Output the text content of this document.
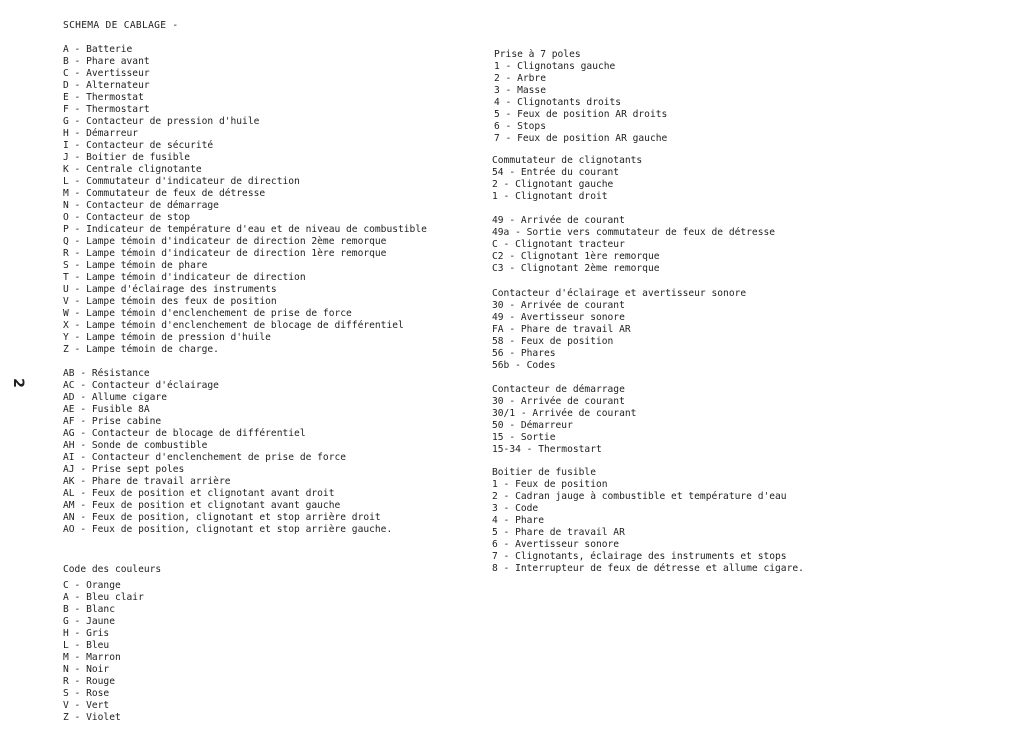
SCHEMA DE CABLAGE -
2
A - Batterie
B - Phare avant
C - Avertisseur
D - Alternateur
E - Thermostat
F - Thermostart
G - Contacteur de pression d'huile
H - Démarreur
I - Contacteur de sécurité
J - Boitier de fusible
K - Centrale clignotante
L - Commutateur d'indicateur de direction
M - Commutateur de feux de détresse
N - Contacteur de démarrage
O - Contacteur de stop
P - Indicateur de température d'eau et de niveau de combustible
Q - Lampe témoin d'indicateur de direction 2ème remorque
R - Lampe témoin d'indicateur de direction 1ère remorque
S - Lampe témoin de phare
T - Lampe témoin d'indicateur de direction
U - Lampe d'éclairage des instruments
V - Lampe témoin des feux de position
W - Lampe témoin d'enclenchement de prise de force
X - Lampe témoin d'enclenchement de blocage de différentiel
Y - Lampe témoin de pression d'huile
Z - Lampe témoin de charge.
AB - Résistance
AC - Contacteur d'éclairage
AD - Allume cigare
AE - Fusible 8A
AF - Prise cabine
AG - Contacteur de blocage de différentiel
AH - Sonde de combustible
AI - Contacteur d'enclenchement de prise de force
AJ - Prise sept poles
AK - Phare de travail arrière
AL - Feux de position et clignotant avant droit
AM - Feux de position et clignotant avant gauche
AN - Feux de position, clignotant et stop arrière droit
AO - Feux de position, clignotant et stop arrière gauche.
Code des couleurs
C - Orange
A - Bleu clair
B - Blanc
G - Jaune
H - Gris
L - Bleu
M - Marron
N - Noir
R - Rouge
S - Rose
V - Vert
Z - Violet
Prise à 7 poles
1 - Clignotans gauche
2 - Arbre
3 - Masse
4 - Clignotants droits
5 - Feux de position AR droits
6 - Stops
7 - Feux de position AR gauche
Commutateur de clignotants
54 - Entrée du courant
2 - Clignotant gauche
1 - Clignotant droit
49 - Arrivée de courant
49a - Sortie vers commutateur de feux de détresse
C - Clignotant tracteur
C2 - Clignotant 1ère remorque
C3 - Clignotant 2ème remorque
Contacteur d'éclairage et avertisseur sonore
30 - Arrivée de courant
49 - Avertisseur sonore
FA - Phare de travail AR
58 - Feux de position
56 - Phares
56b - Codes
Contacteur de démarrage
30 - Arrivée de courant
30/1 - Arrivée de courant
50 - Démarreur
15 - Sortie
15-34 - Thermostart
Boitier de fusible
1 - Feux de position
2 - Cadran jauge à combustible et température d'eau
3 - Code
4 - Phare
5 - Phare de travail AR
6 - Avertisseur sonore
7 - Clignotants, éclairage des instruments et stops
8 - Interrupteur de feux de détresse et allume cigare.
